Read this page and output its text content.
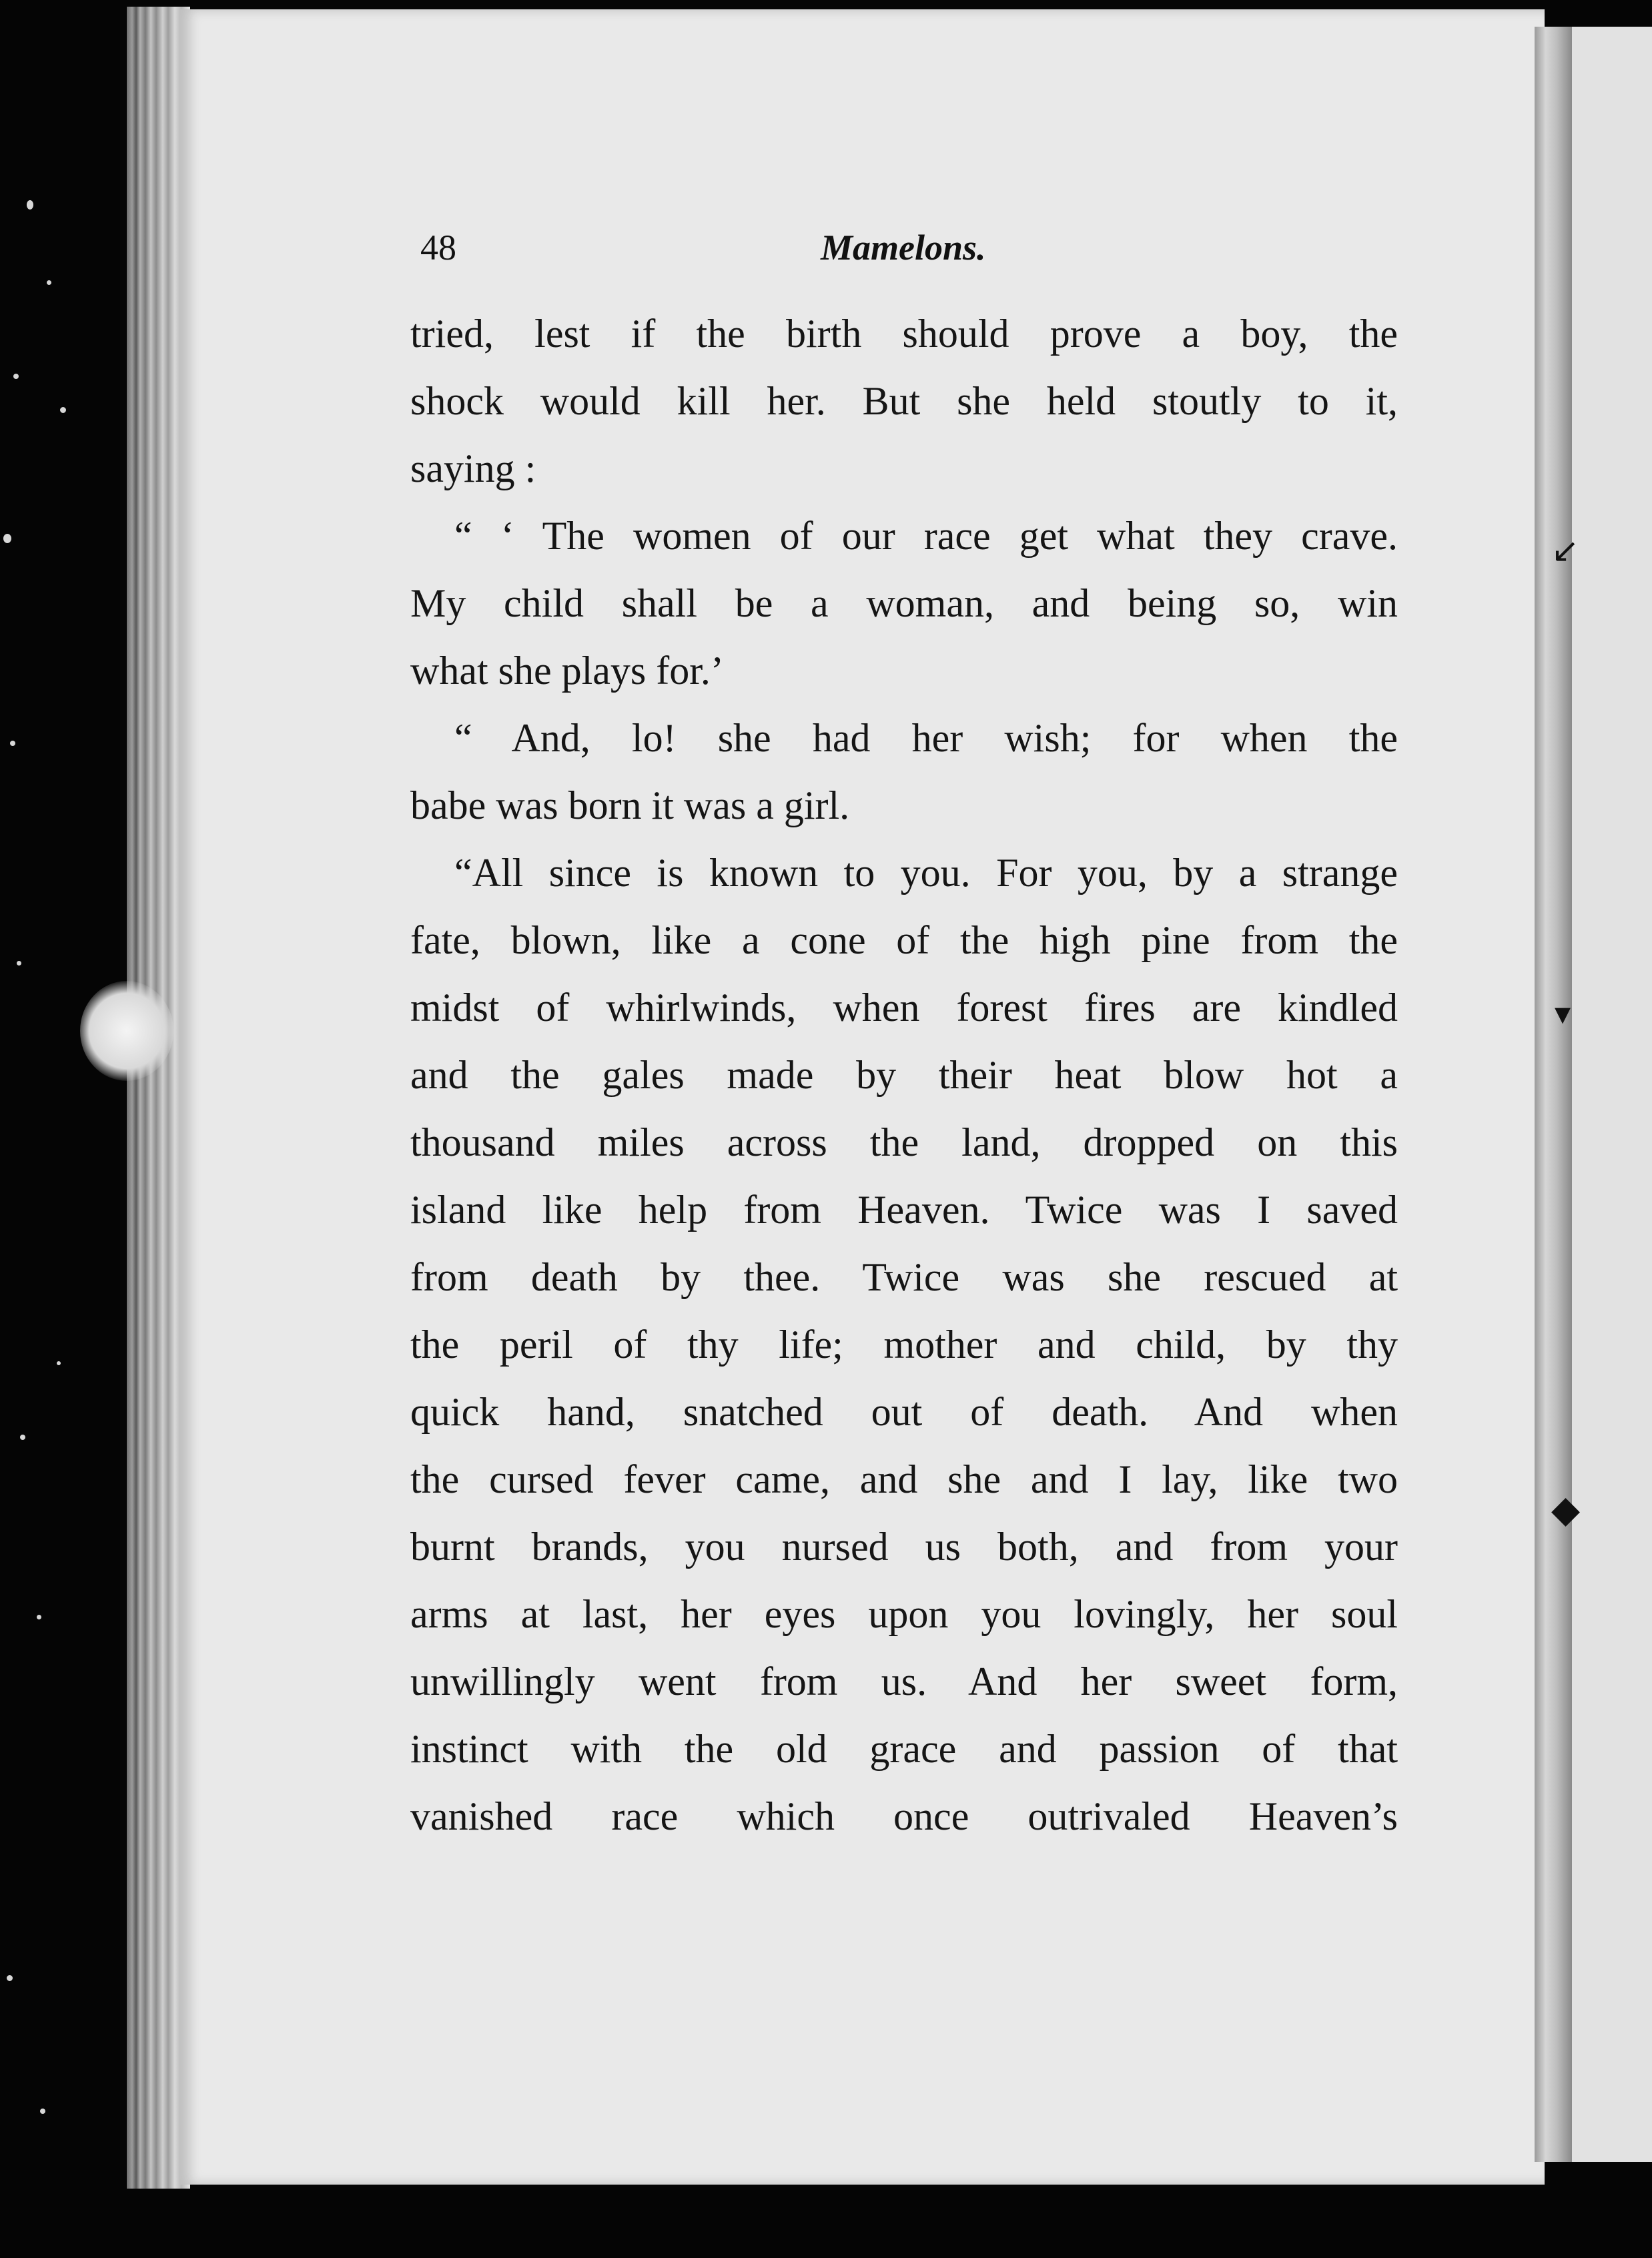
↙
▾
◆
48	Mamelons.
tried, lest if the birth should prove a boy, the
shock would kill her. But she held stoutly to it,
saying :
“ ‘ The women of our race get what they crave.
My child shall be a woman, and being so, win
what she plays for.’
“ And, lo! she had her wish; for when the
babe was born it was a girl.
“All since is known to you. For you, by a strange
fate, blown, like a cone of the high pine from the
midst of whirlwinds, when forest fires are kindled
and the gales made by their heat blow hot a
thousand miles across the land, dropped on this
island like help from Heaven. Twice was I saved
from death by thee. Twice was she rescued at
the peril of thy life; mother and child, by thy
quick hand, snatched out of death. And when
the cursed fever came, and she and I lay, like two
burnt brands, you nursed us both, and from your
arms at last, her eyes upon you lovingly, her soul
unwillingly went from us. And her sweet form,
instinct with the old grace and passion of that
vanished race which once outrivaled Heaven’s
